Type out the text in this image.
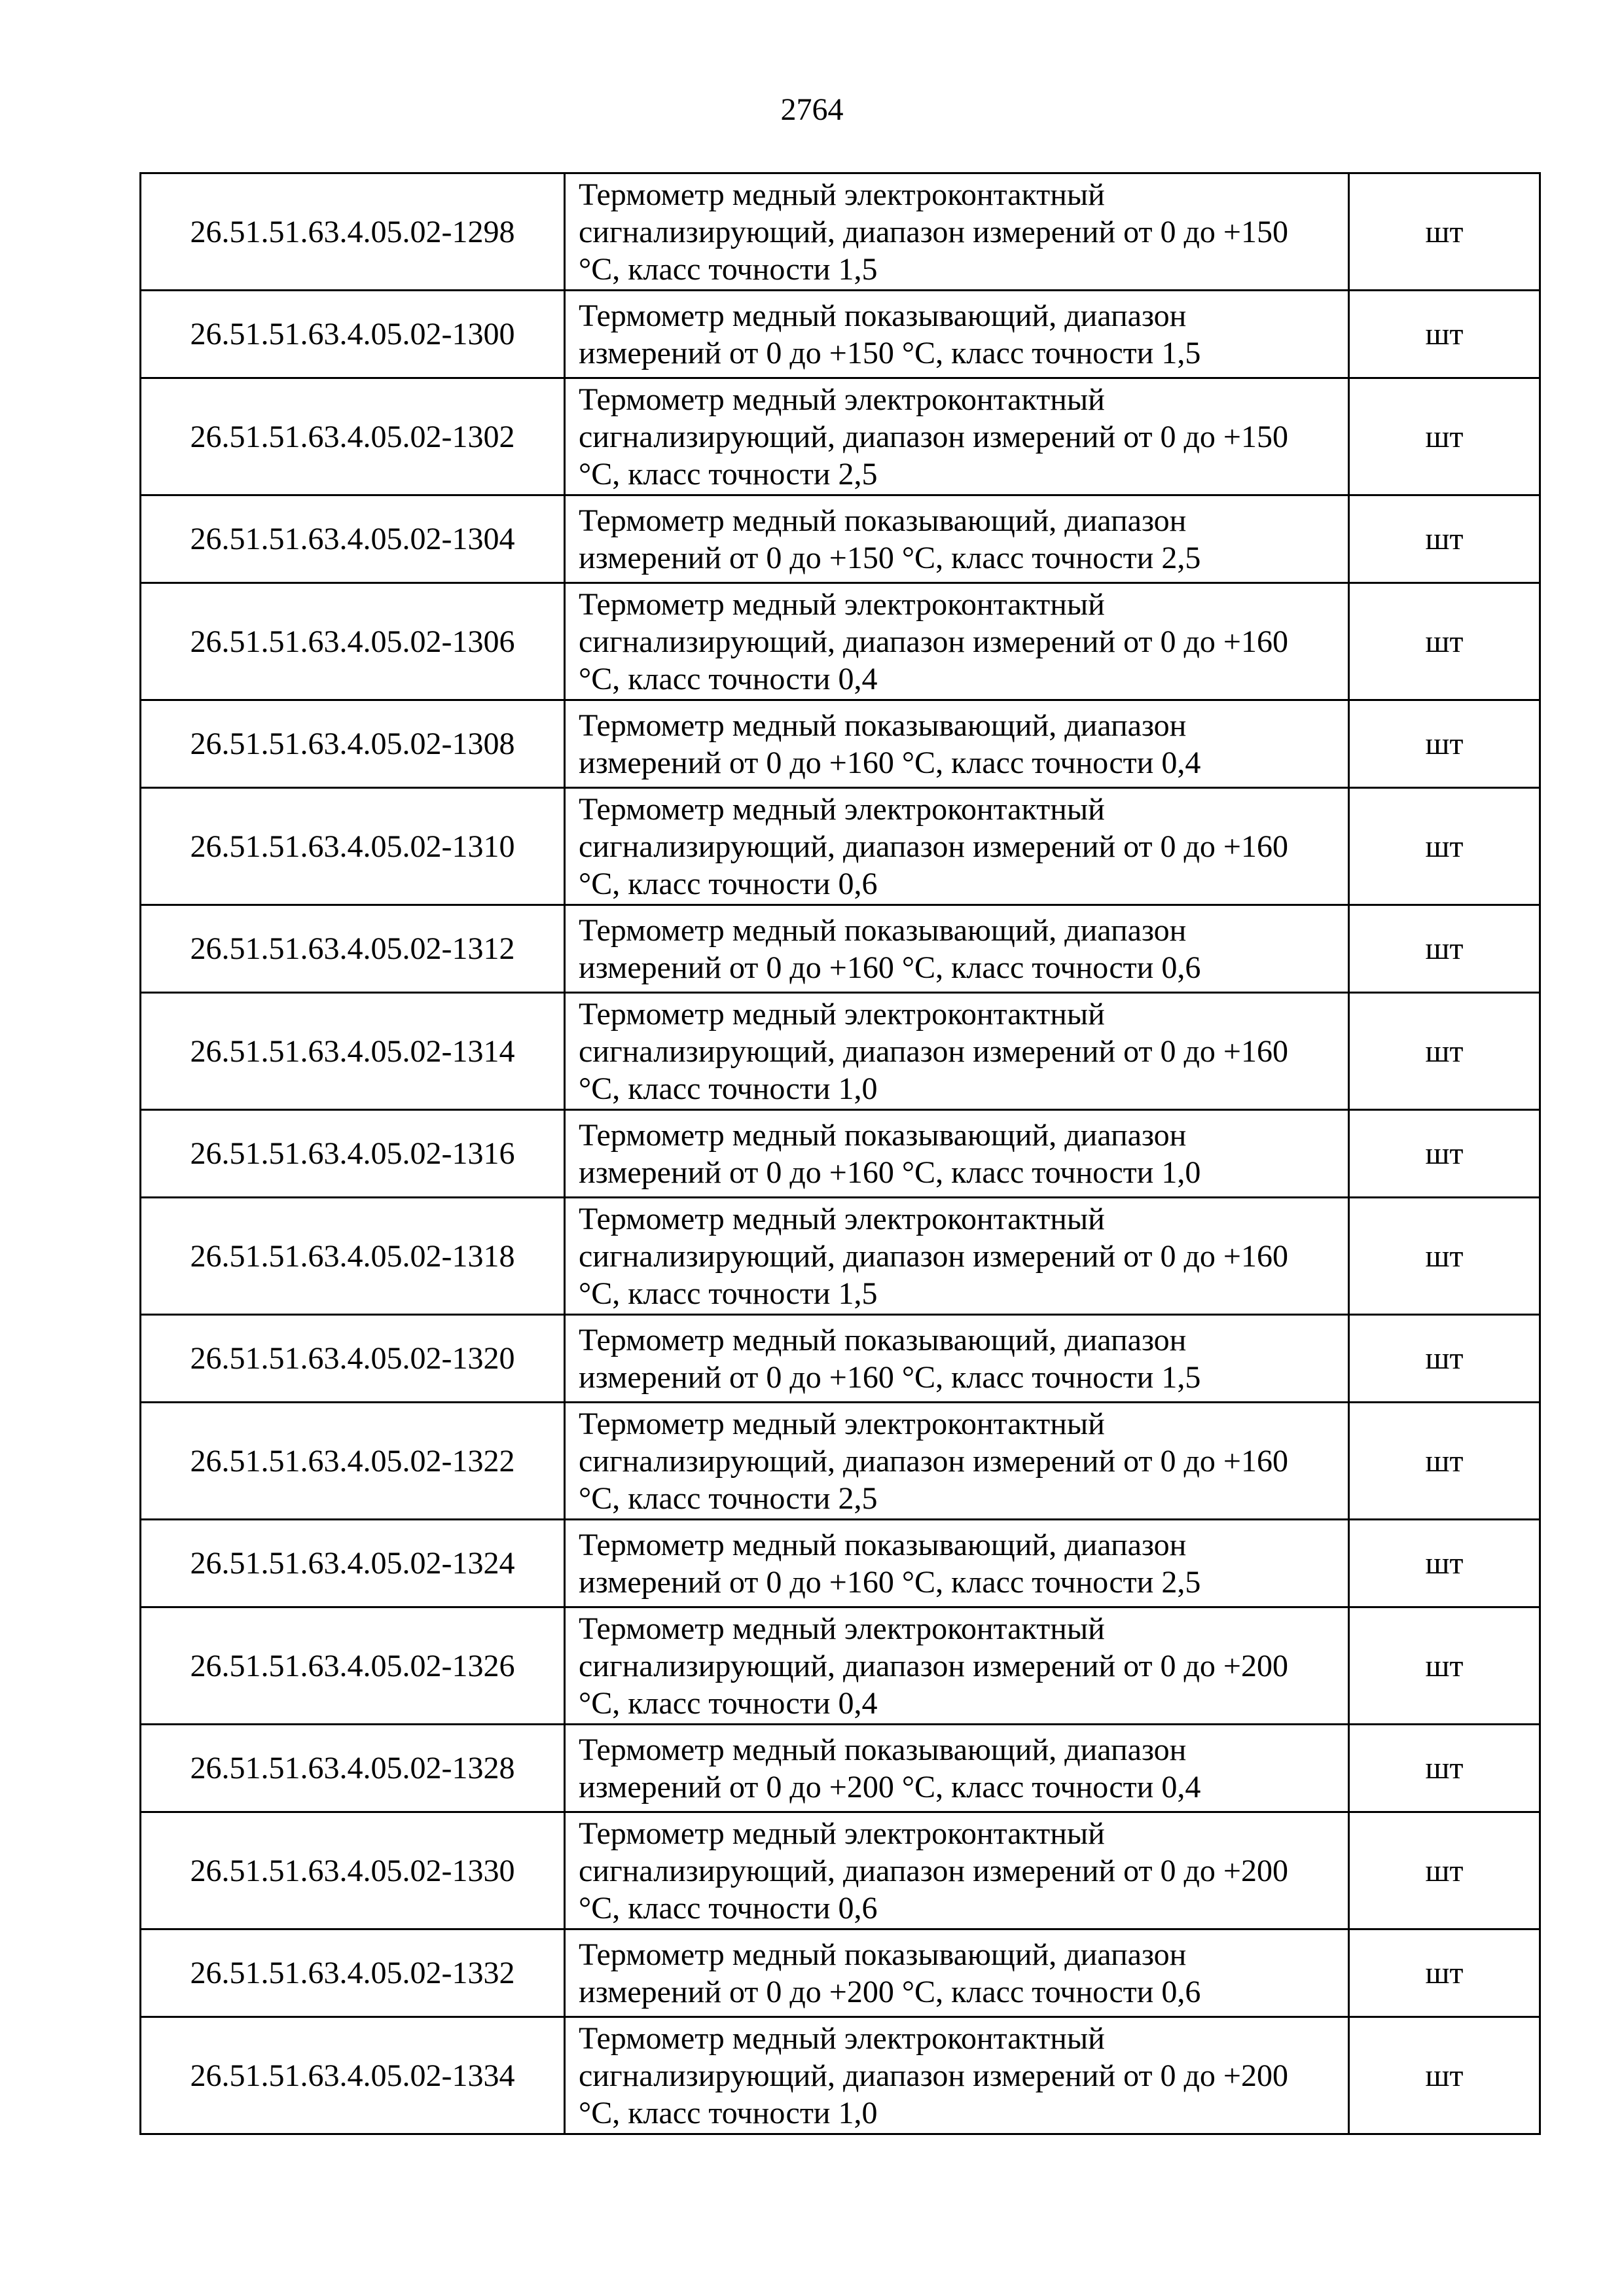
2764
26.51.51.63.4.05.02-1298	Термометр медный электроконтактный
сигнализирующий, диапазон измерений от 0 до +150
°С, класс точности 1,5	шт
26.51.51.63.4.05.02-1300	Термометр медный показывающий, диапазон
измерений от 0 до +150 °С, класс точности 1,5	шт
26.51.51.63.4.05.02-1302	Термометр медный электроконтактный
сигнализирующий, диапазон измерений от 0 до +150
°С, класс точности 2,5	шт
26.51.51.63.4.05.02-1304	Термометр медный показывающий, диапазон
измерений от 0 до +150 °С, класс точности 2,5	шт
26.51.51.63.4.05.02-1306	Термометр медный электроконтактный
сигнализирующий, диапазон измерений от 0 до +160
°С, класс точности 0,4	шт
26.51.51.63.4.05.02-1308	Термометр медный показывающий, диапазон
измерений от 0 до +160 °С, класс точности 0,4	шт
26.51.51.63.4.05.02-1310	Термометр медный электроконтактный
сигнализирующий, диапазон измерений от 0 до +160
°С, класс точности 0,6	шт
26.51.51.63.4.05.02-1312	Термометр медный показывающий, диапазон
измерений от 0 до +160 °С, класс точности 0,6	шт
26.51.51.63.4.05.02-1314	Термометр медный электроконтактный
сигнализирующий, диапазон измерений от 0 до +160
°С, класс точности 1,0	шт
26.51.51.63.4.05.02-1316	Термометр медный показывающий, диапазон
измерений от 0 до +160 °С, класс точности 1,0	шт
26.51.51.63.4.05.02-1318	Термометр медный электроконтактный
сигнализирующий, диапазон измерений от 0 до +160
°С, класс точности 1,5	шт
26.51.51.63.4.05.02-1320	Термометр медный показывающий, диапазон
измерений от 0 до +160 °С, класс точности 1,5	шт
26.51.51.63.4.05.02-1322	Термометр медный электроконтактный
сигнализирующий, диапазон измерений от 0 до +160
°С, класс точности 2,5	шт
26.51.51.63.4.05.02-1324	Термометр медный показывающий, диапазон
измерений от 0 до +160 °С, класс точности 2,5	шт
26.51.51.63.4.05.02-1326	Термометр медный электроконтактный
сигнализирующий, диапазон измерений от 0 до +200
°С, класс точности 0,4	шт
26.51.51.63.4.05.02-1328	Термометр медный показывающий, диапазон
измерений от 0 до +200 °С, класс точности 0,4	шт
26.51.51.63.4.05.02-1330	Термометр медный электроконтактный
сигнализирующий, диапазон измерений от 0 до +200
°С, класс точности 0,6	шт
26.51.51.63.4.05.02-1332	Термометр медный показывающий, диапазон
измерений от 0 до +200 °С, класс точности 0,6	шт
26.51.51.63.4.05.02-1334	Термометр медный электроконтактный
сигнализирующий, диапазон измерений от 0 до +200
°С, класс точности 1,0	шт
